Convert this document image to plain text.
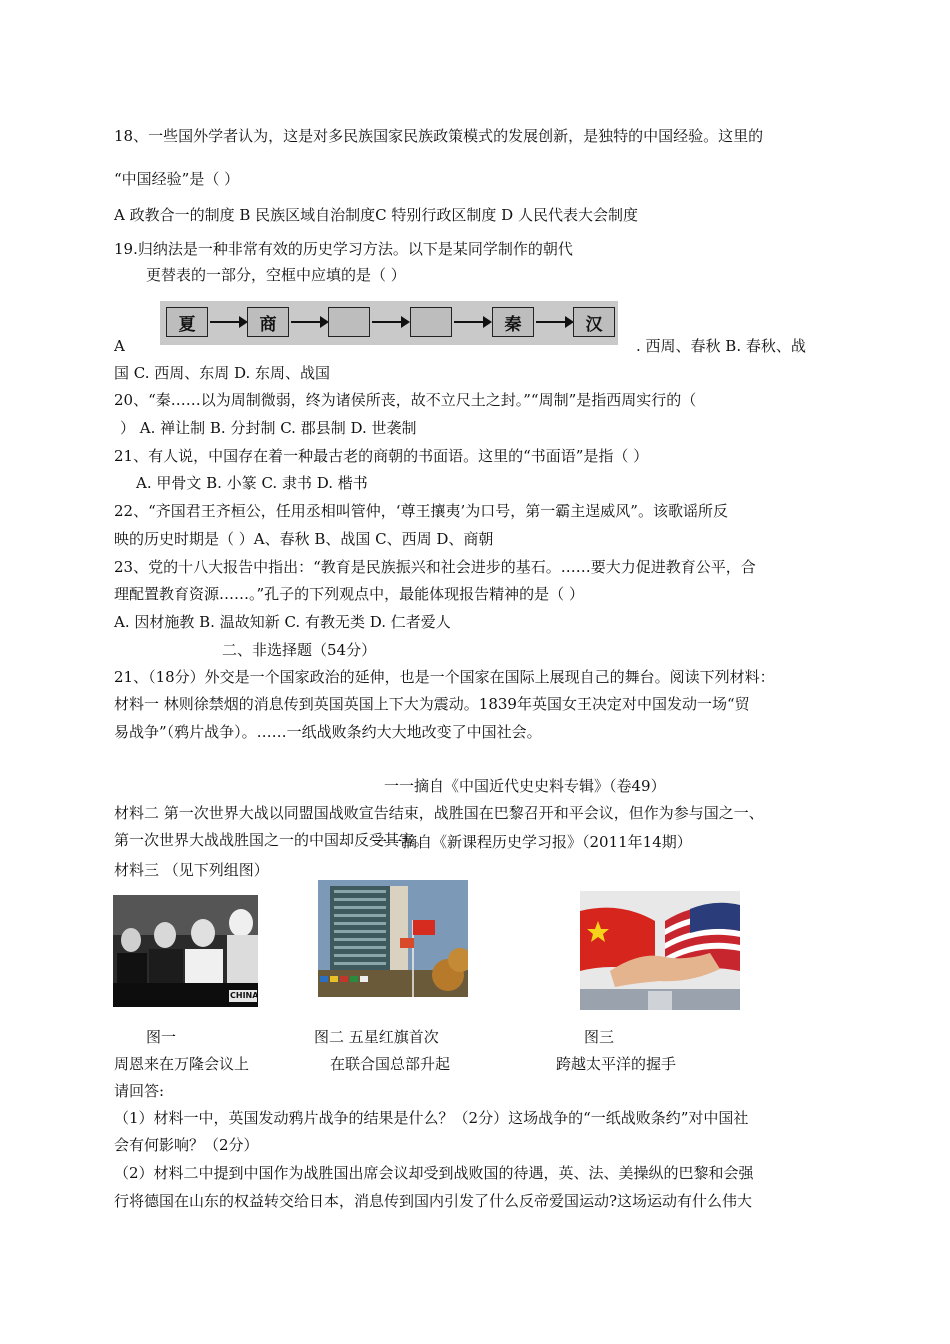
18、一些国外学者认为，这是对多民族国家民族政策模式的发展创新，是独特的中国经验。这里的
“中国经验”是（ ）
A 政教合一的制度 B 民族区域自治制度C 特别行政区制度 D 人民代表大会制度
19.归纳法是一种非常有效的历史学习方法。以下是某同学制作的朝代
更替表的一部分，空框中应填的是（ ）
夏	商	秦	汉
A	. 西周、春秋 B. 春秋、战
国 C. 西周、东周 D. 东周、战国
20、“秦……以为周制微弱，终为诸侯所丧，故不立尺土之封。”“周制”是指西周实行的（
） A. 禅让制 B. 分封制 C. 郡县制 D. 世袭制
21、有人说，中国存在着一种最古老的商朝的书面语。这里的“书面语”是指（ ）
A. 甲骨文 B. 小篆 C. 隶书 D. 楷书
22、“齐国君王齐桓公，任用丞相叫管仲，‘尊王攘夷’为口号，第一霸主逞威风”。该歌谣所反
映的历史时期是（ ）A、春秋 B、战国 C、西周 D、商朝
23、党的十八大报告中指出：“教育是民族振兴和社会进步的基石。……要大力促进教育公平，合
理配置教育资源……。”孔子的下列观点中，最能体现报告精神的是（ ）
A. 因材施教 B. 温故知新 C. 有教无类 D. 仁者爱人
二、非选择题（54分）
21、（18分）外交是一个国家政治的延伸，也是一个国家在国际上展现自己的舞台。阅读下列材料：
材料一 林则徐禁烟的消息传到英国英国上下大为震动。1839年英国女王决定对中国发动一场“贸
易战争”（鸦片战争）。……一纸战败条约大大地改变了中国社会。
一一摘自《中国近代史史料专辑》（卷49）
材料二 第一次世界大战以同盟国战败宣告结束，战胜国在巴黎召开和平会议，但作为参与国之一、
第一次世界大战战胜国之一的中国却反受其害。
一一摘自《新课程历史学习报》（2011年14期）
材料三 （见下列组图）
CHINA
图一	图二 五星红旗首次	图三
周恩来在万隆会议上	在联合国总部升起	跨越太平洋的握手
请回答:
（1）材料一中，英国发动鸦片战争的结果是什么？（2分）这场战争的“一纸战败条约”对中国社
会有何影响？（2分）
（2）材料二中提到中国作为战胜国出席会议却受到战败国的待遇，英、法、美操纵的巴黎和会强
行将德国在山东的权益转交给日本，消息传到国内引发了什么反帝爱国运动?这场运动有什么伟大
